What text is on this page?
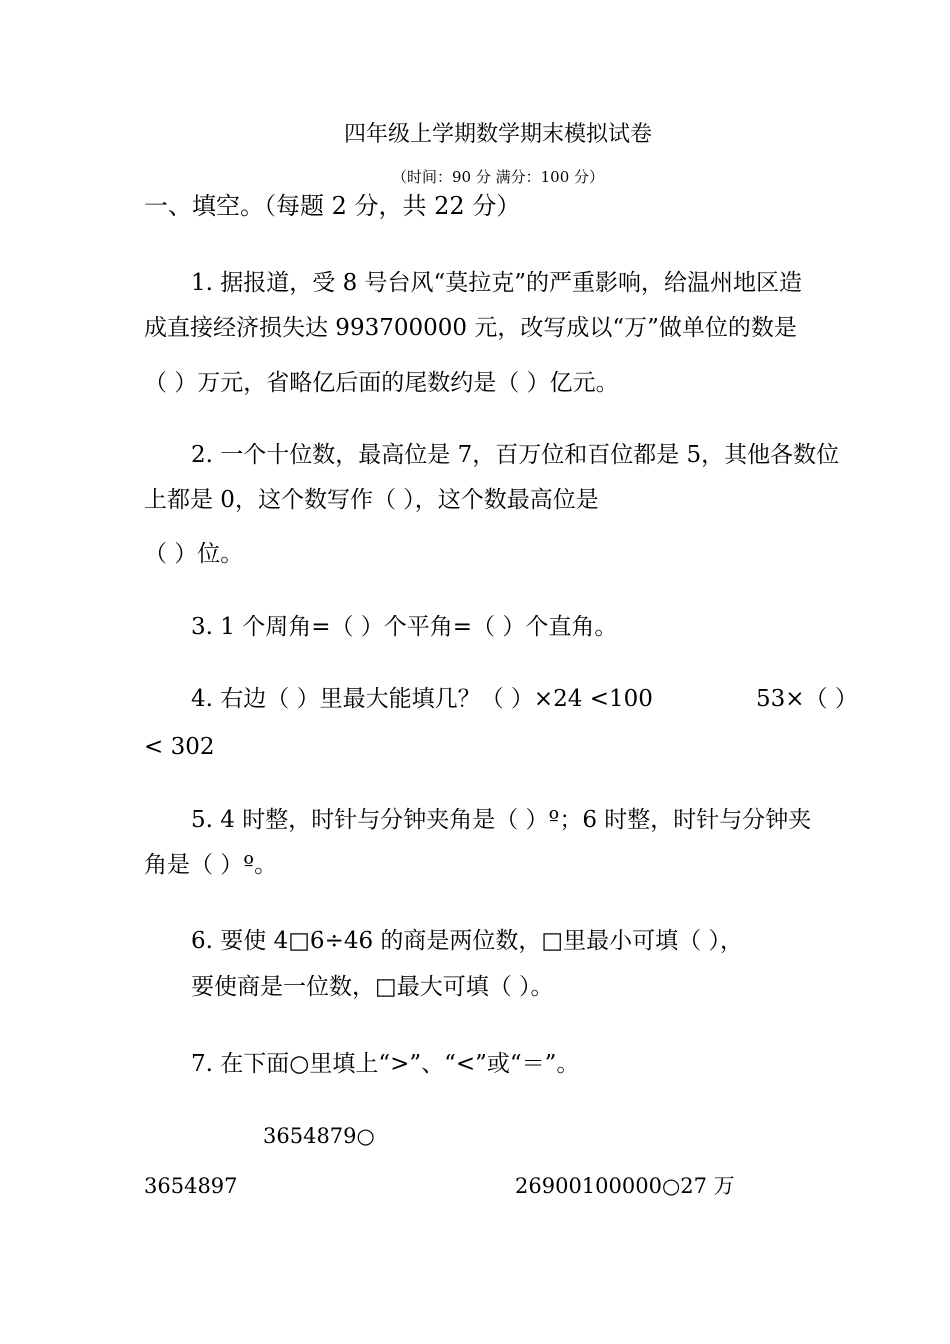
四年级上学期数学期末模拟试卷
（时间：90 分 满分：100 分）
一、填空。（每题 2 分，共 22 分）
1. 据报道，受 8 号台风“莫拉克”的严重影响，给温州地区造
成直接经济损失达 993700000 元，改写成以“万”做单位的数是
（ ）万元，省略亿后面的尾数约是（ ）亿元。
2. 一个十位数，最高位是 7，百万位和百位都是 5，其他各数位
上都是 0，这个数写作（ ），这个数最高位是
（ ）位。
3. 1 个周角=（ ）个平角=（ ）个直角。
4. 右边（ ）里最大能填几？（ ）×24 <100	53×（ ）
< 302
5. 4 时整，时针与分钟夹角是（ ）º；6 时整，时针与分钟夹
角是（ ）º。
6. 要使 4□6÷46 的商是两位数，□里最小可填（ ），
要使商是一位数，□最大可填（ ）。
7. 在下面○里填上“>”、“<”或“＝”。
3654879○
3654897	26900100000○27 万
